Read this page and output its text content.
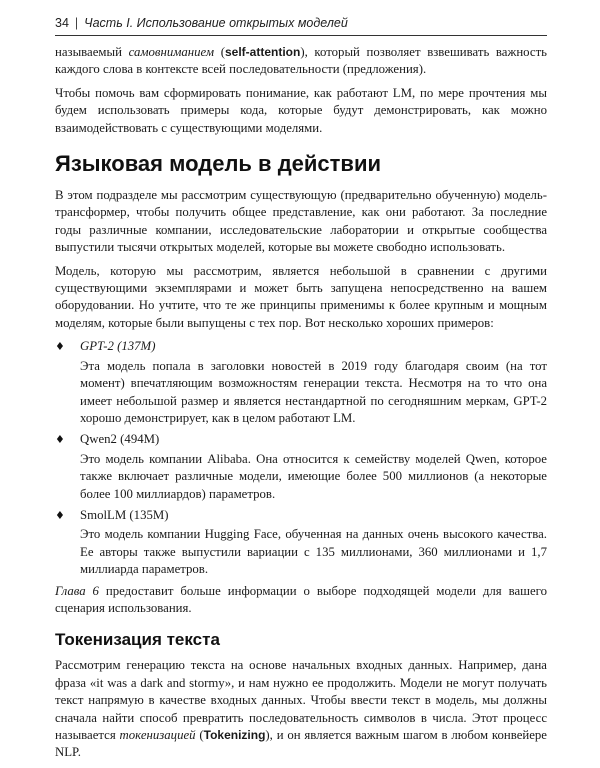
34 | Часть I. Использование открытых моделей

называемый самовниманием (self-attention), который позволяет взвешивать важность каждого слова в контексте всей последовательности (предложения).

Чтобы помочь вам сформировать понимание, как работают LM, по мере прочтения мы будем использовать примеры кода, которые будут демонстрировать, как можно взаимодействовать с существующими моделями.

Языковая модель в действии

В этом подразделе мы рассмотрим существующую (предварительно обученную) модель-трансформер, чтобы получить общее представление, как они работают. За последние годы различные компании, исследовательские лаборатории и открытые сообщества выпустили тысячи открытых моделей, которые вы можете свободно использовать.

Модель, которую мы рассмотрим, является небольшой в сравнении с другими существующими экземплярами и может быть запущена непосредственно на вашем оборудовании. Но учтите, что те же принципы применимы к более крупным и мощным моделям, которые были выпущены с тех пор. Вот несколько хороших примеров:

♦ GPT-2 (137M)
Эта модель попала в заголовки новостей в 2019 году благодаря своим (на тот момент) впечатляющим возможностям генерации текста. Несмотря на то что она имеет небольшой размер и является нестандартной по сегодняшним меркам, GPT-2 хорошо демонстрирует, как в целом работают LM.
♦ Qwen2 (494M)
Это модель компании Alibaba. Она относится к семейству моделей Qwen, которое также включает различные модели, имеющие более 500 миллионов (а некоторые более 100 миллиардов) параметров.
♦ SmolLM (135M)
Это модель компании Hugging Face, обученная на данных очень высокого качества. Ее авторы также выпустили вариации с 135 миллионами, 360 миллионами и 1,7 миллиарда параметров.

Глава 6 предоставит больше информации о выборе подходящей модели для вашего сценария использования.

Токенизация текста

Рассмотрим генерацию текста на основе начальных входных данных. Например, дана фраза «it was a dark and stormy», и нам нужно ее продолжить. Модели не могут получать текст напрямую в качестве входных данных. Чтобы ввести текст в модель, мы должны сначала найти способ превратить последовательность символов в числа. Этот процесс называется токенизацией (Tokenizing), и он является важным шагом в любом конвейере NLP.
